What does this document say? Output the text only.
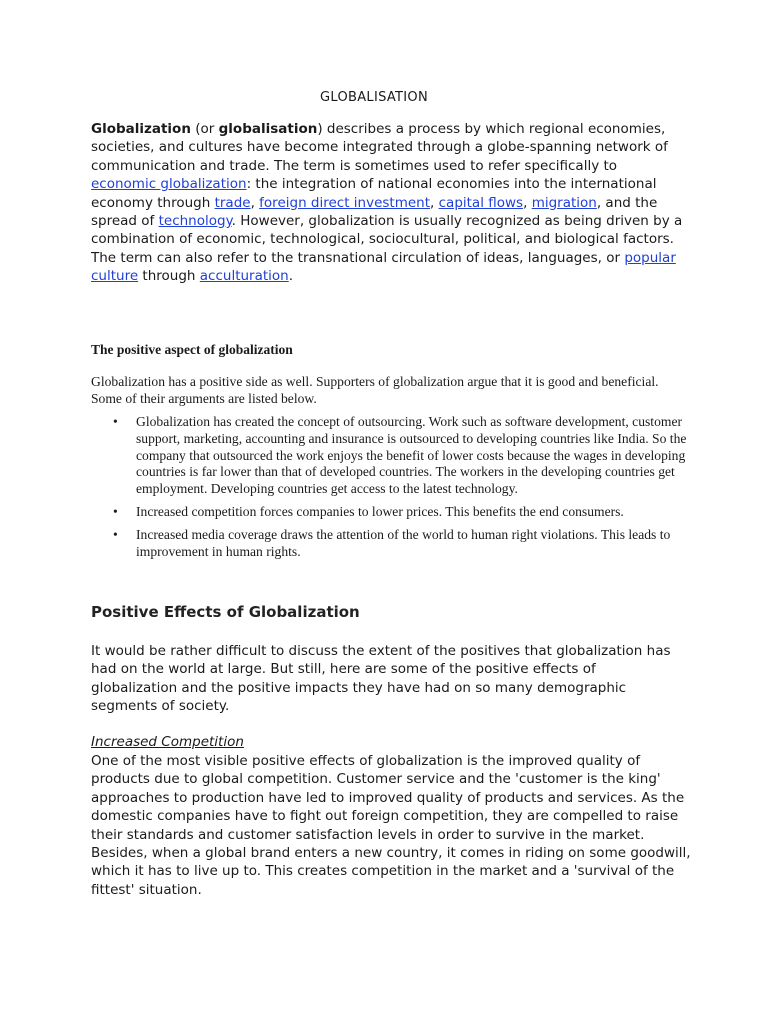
GLOBALISATION
Globalization (or globalisation) describes a process by which regional economies, societies, and cultures have become integrated through a globe-spanning network of communication and trade. The term is sometimes used to refer specifically to economic globalization: the integration of national economies into the international economy through trade, foreign direct investment, capital flows, migration, and the spread of technology. However, globalization is usually recognized as being driven by a combination of economic, technological, sociocultural, political, and biological factors. The term can also refer to the transnational circulation of ideas, languages, or popular culture through acculturation.
The positive aspect of globalization
Globalization has a positive side as well. Supporters of globalization argue that it is good and beneficial. Some of their arguments are listed below.
• Globalization has created the concept of outsourcing. Work such as software development, customer support, marketing, accounting and insurance is outsourced to developing countries like India. So the company that outsourced the work enjoys the benefit of lower costs because the wages in developing countries is far lower than that of developed countries. The workers in the developing countries get employment. Developing countries get access to the latest technology.
• Increased competition forces companies to lower prices. This benefits the end consumers.
• Increased media coverage draws the attention of the world to human right violations. This leads to improvement in human rights.
Positive Effects of Globalization
It would be rather difficult to discuss the extent of the positives that globalization has had on the world at large. But still, here are some of the positive effects of globalization and the positive impacts they have had on so many demographic segments of society.
Increased Competition
One of the most visible positive effects of globalization is the improved quality of products due to global competition. Customer service and the 'customer is the king' approaches to production have led to improved quality of products and services. As the domestic companies have to fight out foreign competition, they are compelled to raise their standards and customer satisfaction levels in order to survive in the market. Besides, when a global brand enters a new country, it comes in riding on some goodwill, which it has to live up to. This creates competition in the market and a 'survival of the fittest' situation.
